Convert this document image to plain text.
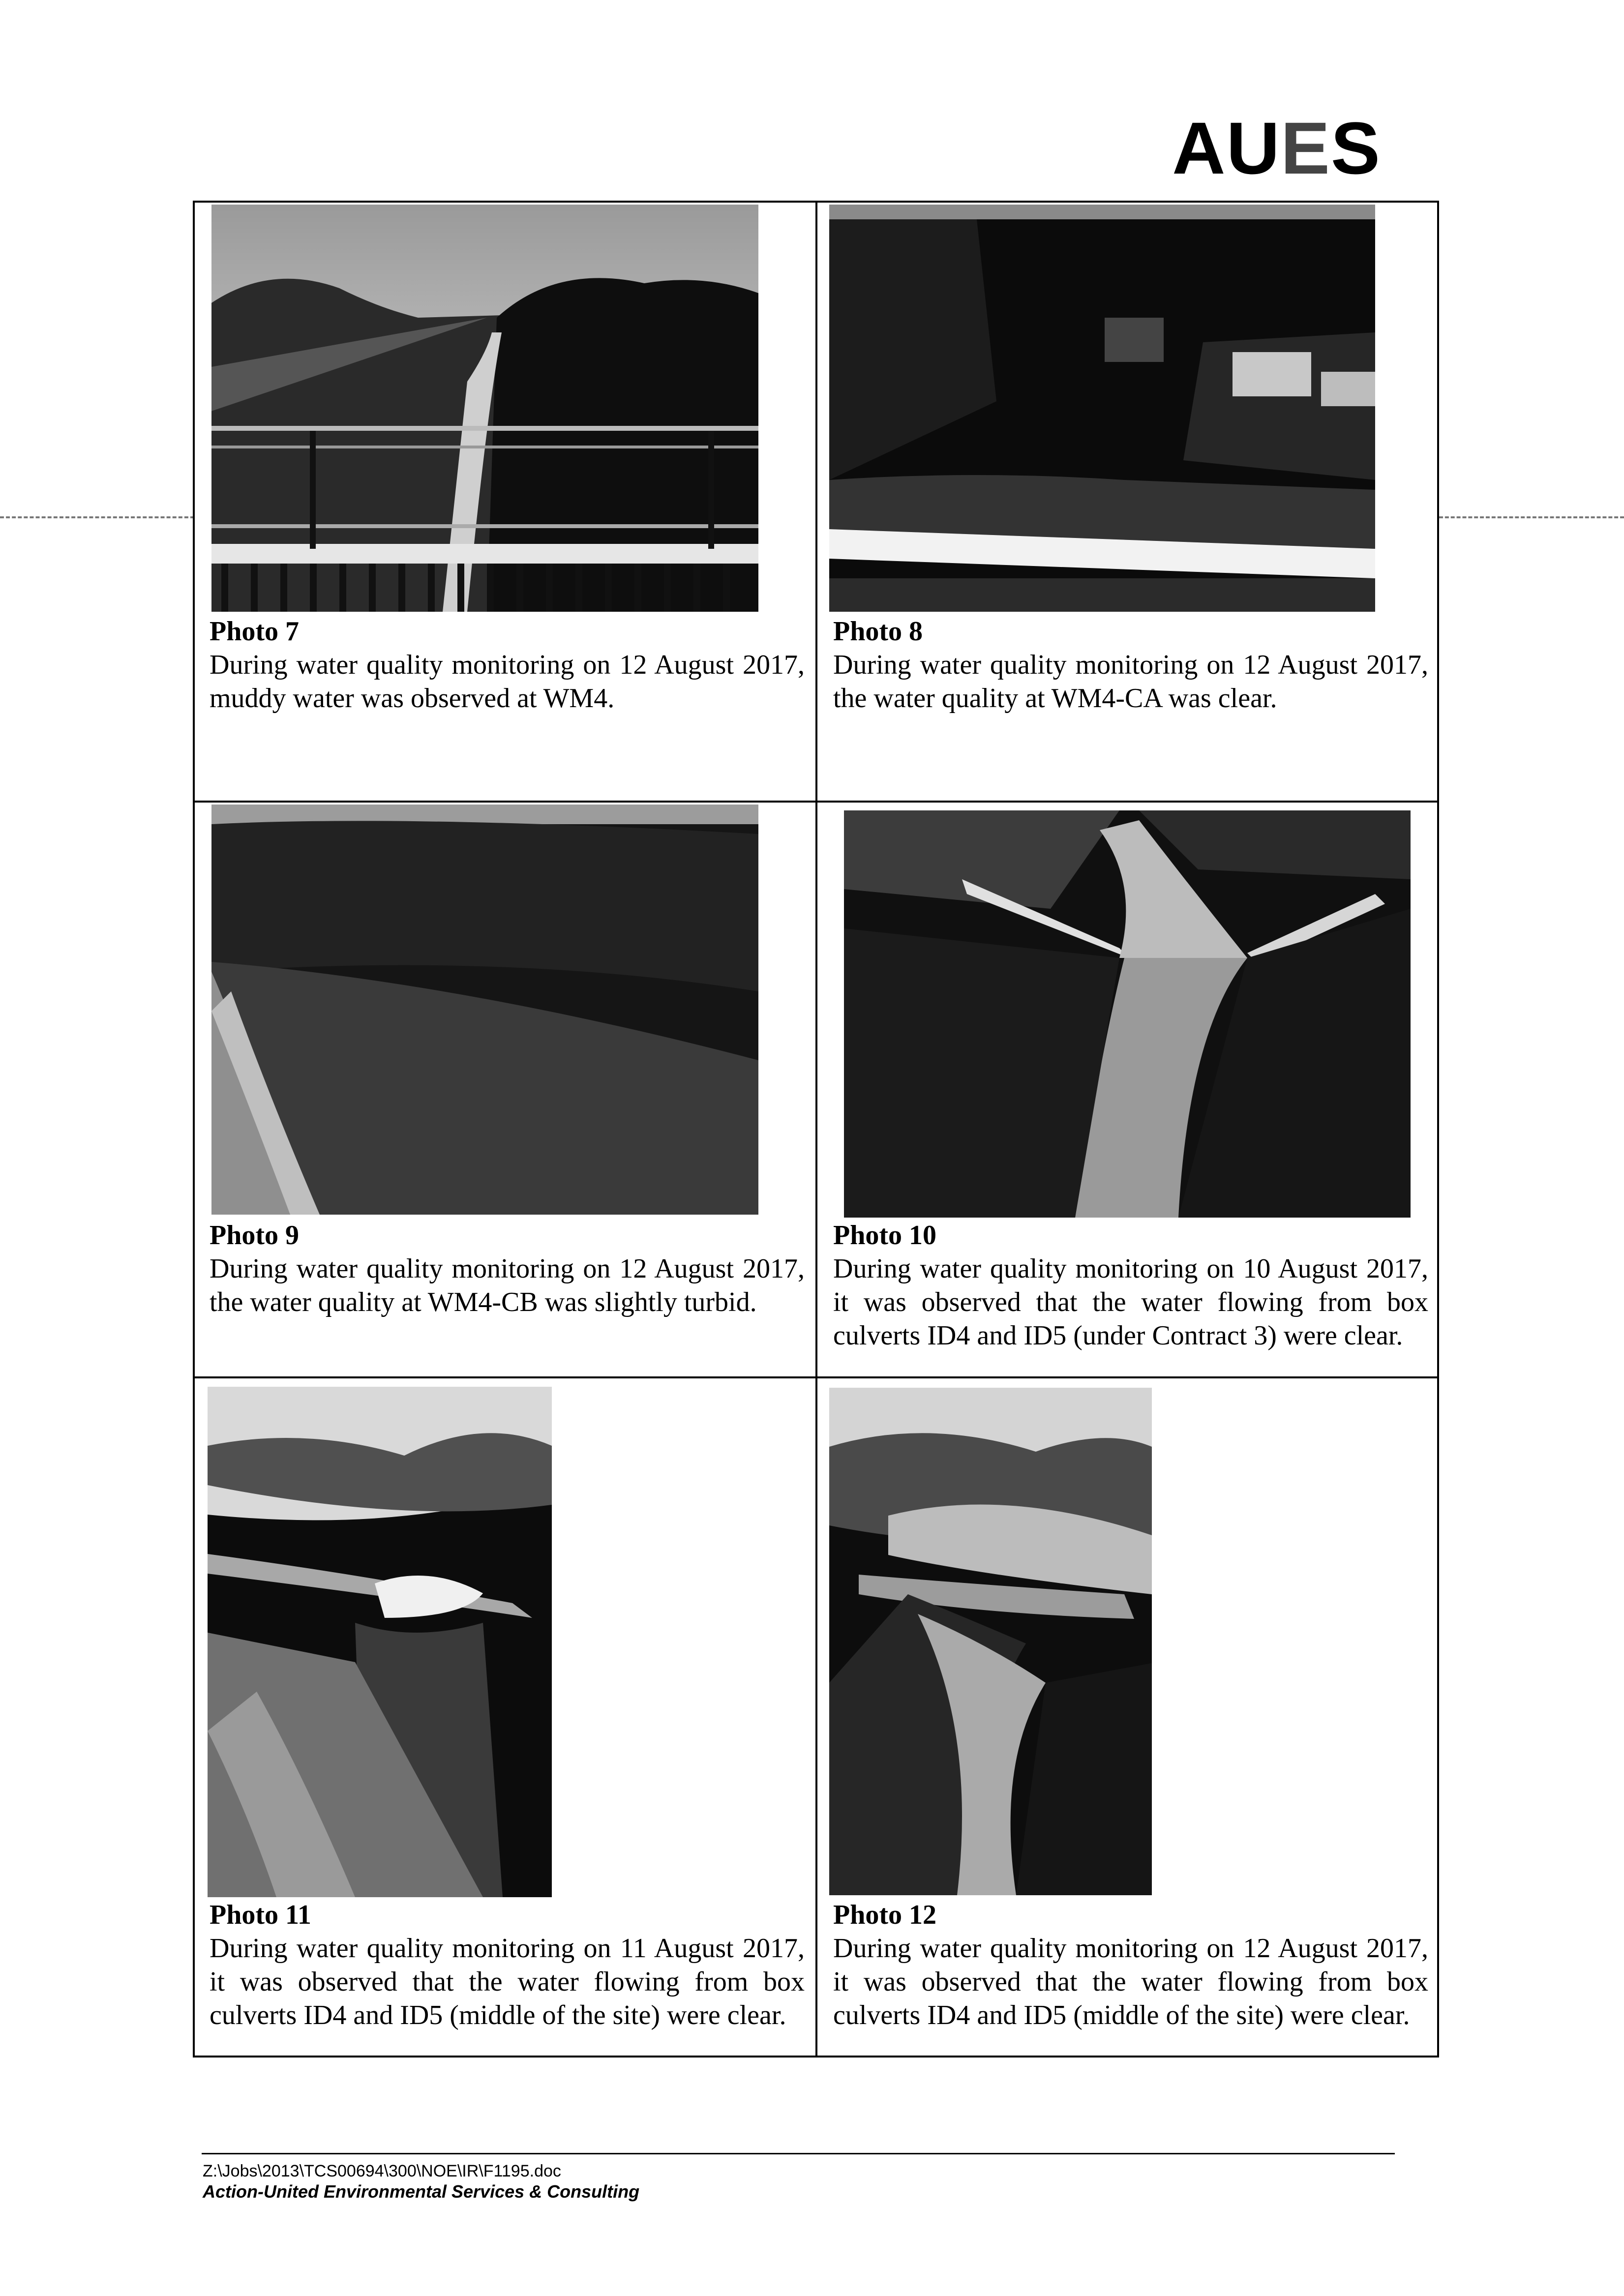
AUES
Photo 7
During water quality monitoring on 12 August 2017, muddy water was observed at WM4.
Photo 8
During water quality monitoring on 12 August 2017, the water quality at WM4-CA was clear.
Photo 9
During water quality monitoring on 12 August 2017, the water quality at WM4-CB was slightly turbid.
Photo 10
During water quality monitoring on 10 August 2017, it was observed that the water flowing from box culverts ID4 and ID5 (under Contract 3) were clear.
Photo 11
During water quality monitoring on 11 August 2017, it was observed that the water flowing from box culverts ID4 and ID5 (middle of the site) were clear.
Photo 12
During water quality monitoring on 12 August 2017, it was observed that the water flowing from box culverts ID4 and ID5 (middle of the site) were clear.
Z:\Jobs\2013\TCS00694\300\NOE\IR\F1195.doc
Action-United Environmental Services & Consulting
